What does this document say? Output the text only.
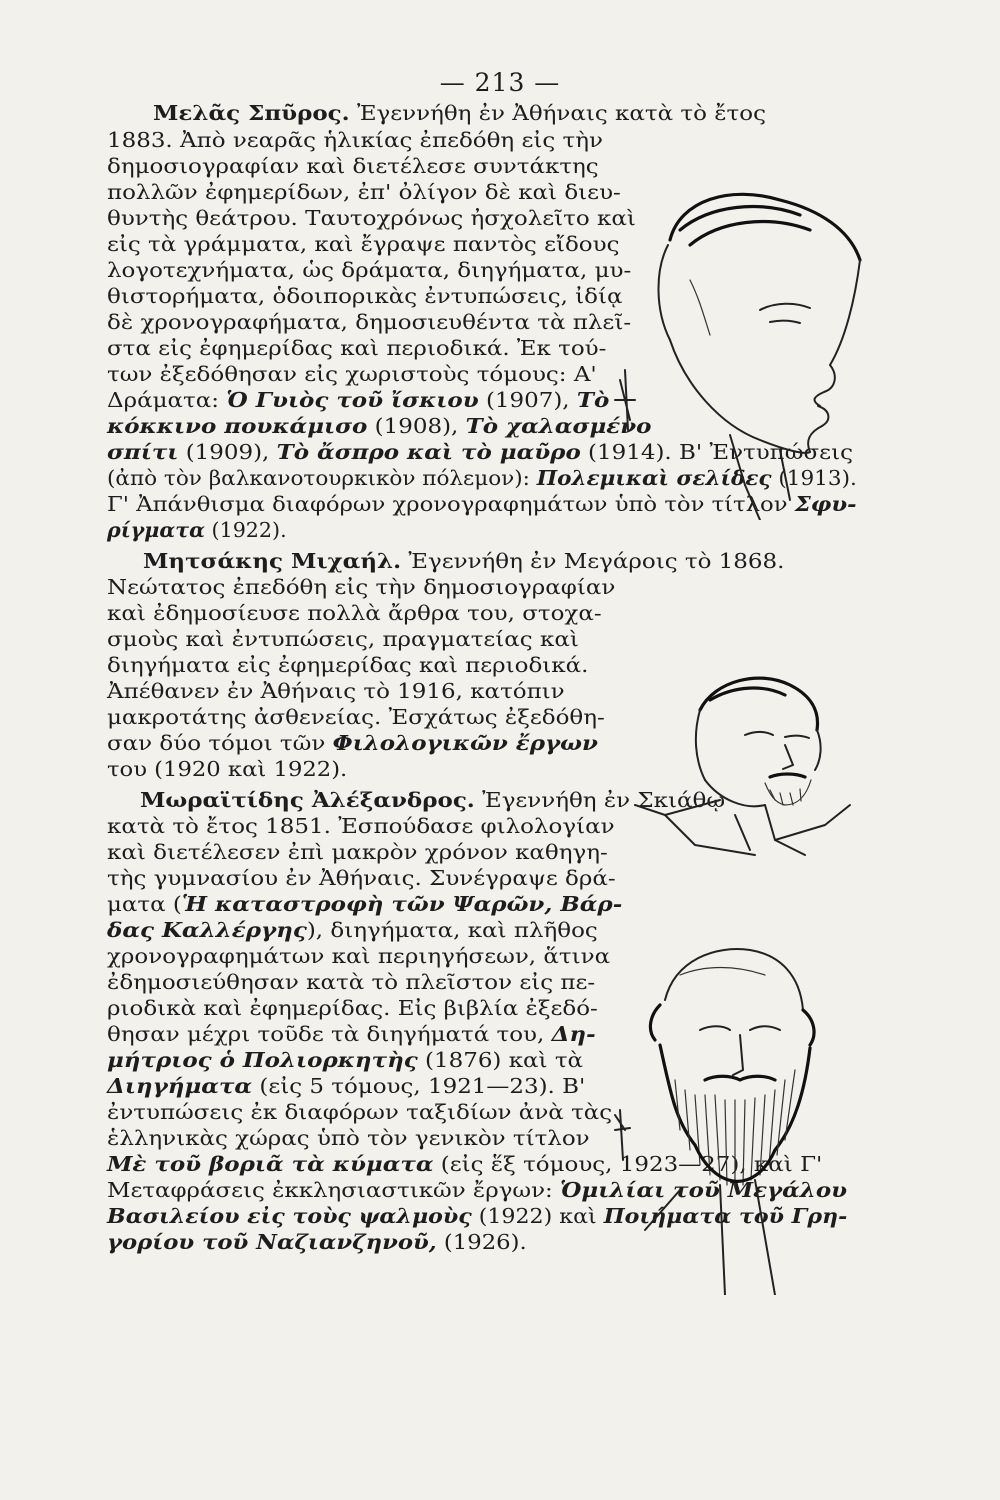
— 213 —
Μελᾶς Σπῦρος. Ἐγεννήθη ἐν Ἀθήναις κατὰ τὸ ἔτος
1883. Ἀπὸ νεαρᾶς ἡλικίας ἐπεδόθη εἰς τὴν
δημοσιογραφίαν καὶ διετέλεσε συντάκτης
πολλῶν ἐφημερίδων, ἐπ' ὀλίγον δὲ καὶ διευ-
θυντὴς θεάτρου. Ταυτοχρόνως ἠσχολεῖτο καὶ
εἰς τὰ γράμματα, καὶ ἔγραψε παντὸς εἴδους
λογοτεχνήματα, ὡς δράματα, διηγήματα, μυ-
θιστορήματα, ὁδοιπορικὰς ἐντυπώσεις, ἰδίᾳ
δὲ χρονογραφήματα, δημοσιευθέντα τὰ πλεῖ-
στα εἰς ἐφημερίδας καὶ περιοδικά. Ἐκ τού-
των ἐξεδόθησαν εἰς χωριστοὺς τόμους: Α'
Δράματα: Ὁ Γυιὸς τοῦ ἴσκιου (1907), Τὸ
κόκκινο πουκάμισο (1908), Τὸ χαλασμένο
σπίτι (1909), Τὸ ἄσπρο καὶ τὸ μαῦρο (1914). Β' Ἐντυπώσεις
(ἀπὸ τὸν βαλκανοτουρκικὸν πόλεμον): Πολεμικαὶ σελίδες (1913).
Γ' Ἀπάνθισμα διαφόρων χρονογραφημάτων ὑπὸ τὸν τίτλον Σφυ-
ρίγματα (1922).
Μητσάκης Μιχαήλ. Ἐγεννήθη ἐν Μεγάροις τὸ 1868.
Νεώτατος ἐπεδόθη εἰς τὴν δημοσιογραφίαν
καὶ ἐδημοσίευσε πολλὰ ἄρθρα του, στοχα-
σμοὺς καὶ ἐντυπώσεις, πραγματείας καὶ
διηγήματα εἰς ἐφημερίδας καὶ περιοδικά.
Ἀπέθανεν ἐν Ἀθήναις τὸ 1916, κατόπιν
μακροτάτης ἀσθενείας. Ἐσχάτως ἐξεδόθη-
σαν δύο τόμοι τῶν Φιλολογικῶν ἔργων
του (1920 καὶ 1922).
Μωραϊτίδης Ἀλέξανδρος. Ἐγεννήθη ἐν Σκιάθῳ
κατὰ τὸ ἔτος 1851. Ἐσπούδασε φιλολογίαν
καὶ διετέλεσεν ἐπὶ μακρὸν χρόνον καθηγη-
τὴς γυμνασίου ἐν Ἀθήναις. Συνέγραψε δρά-
ματα (Ἡ καταστροφὴ τῶν Ψαρῶν, Βάρ-
δας Καλλέργης), διηγήματα, καὶ πλῆθος
χρονογραφημάτων καὶ περιηγήσεων, ἅτινα
ἐδημοσιεύθησαν κατὰ τὸ πλεῖστον εἰς πε-
ριοδικὰ καὶ ἐφημερίδας. Εἰς βιβλία ἐξεδό-
θησαν μέχρι τοῦδε τὰ διηγήματά του, Δη-
μήτριος ὁ Πολιορκητὴς (1876) καὶ τὰ
Διηγήματα (εἰς 5 τόμους, 1921—23). Β'
ἐντυπώσεις ἐκ διαφόρων ταξιδίων ἀνὰ τὰς
ἑλληνικὰς χώρας ὑπὸ τὸν γενικὸν τίτλον
Μὲ τοῦ βοριᾶ τὰ κύματα (εἰς ἕξ τόμους, 1923—27), καὶ Γ'
Μεταφράσεις ἐκκλησιαστικῶν ἔργων: Ὁμιλίαι τοῦ Μεγάλου
Βασιλείου εἰς τοὺς ψαλμοὺς (1922) καὶ Ποιήματα τοῦ Γρη-
γορίου τοῦ Ναζιανζηνοῦ, (1926).
